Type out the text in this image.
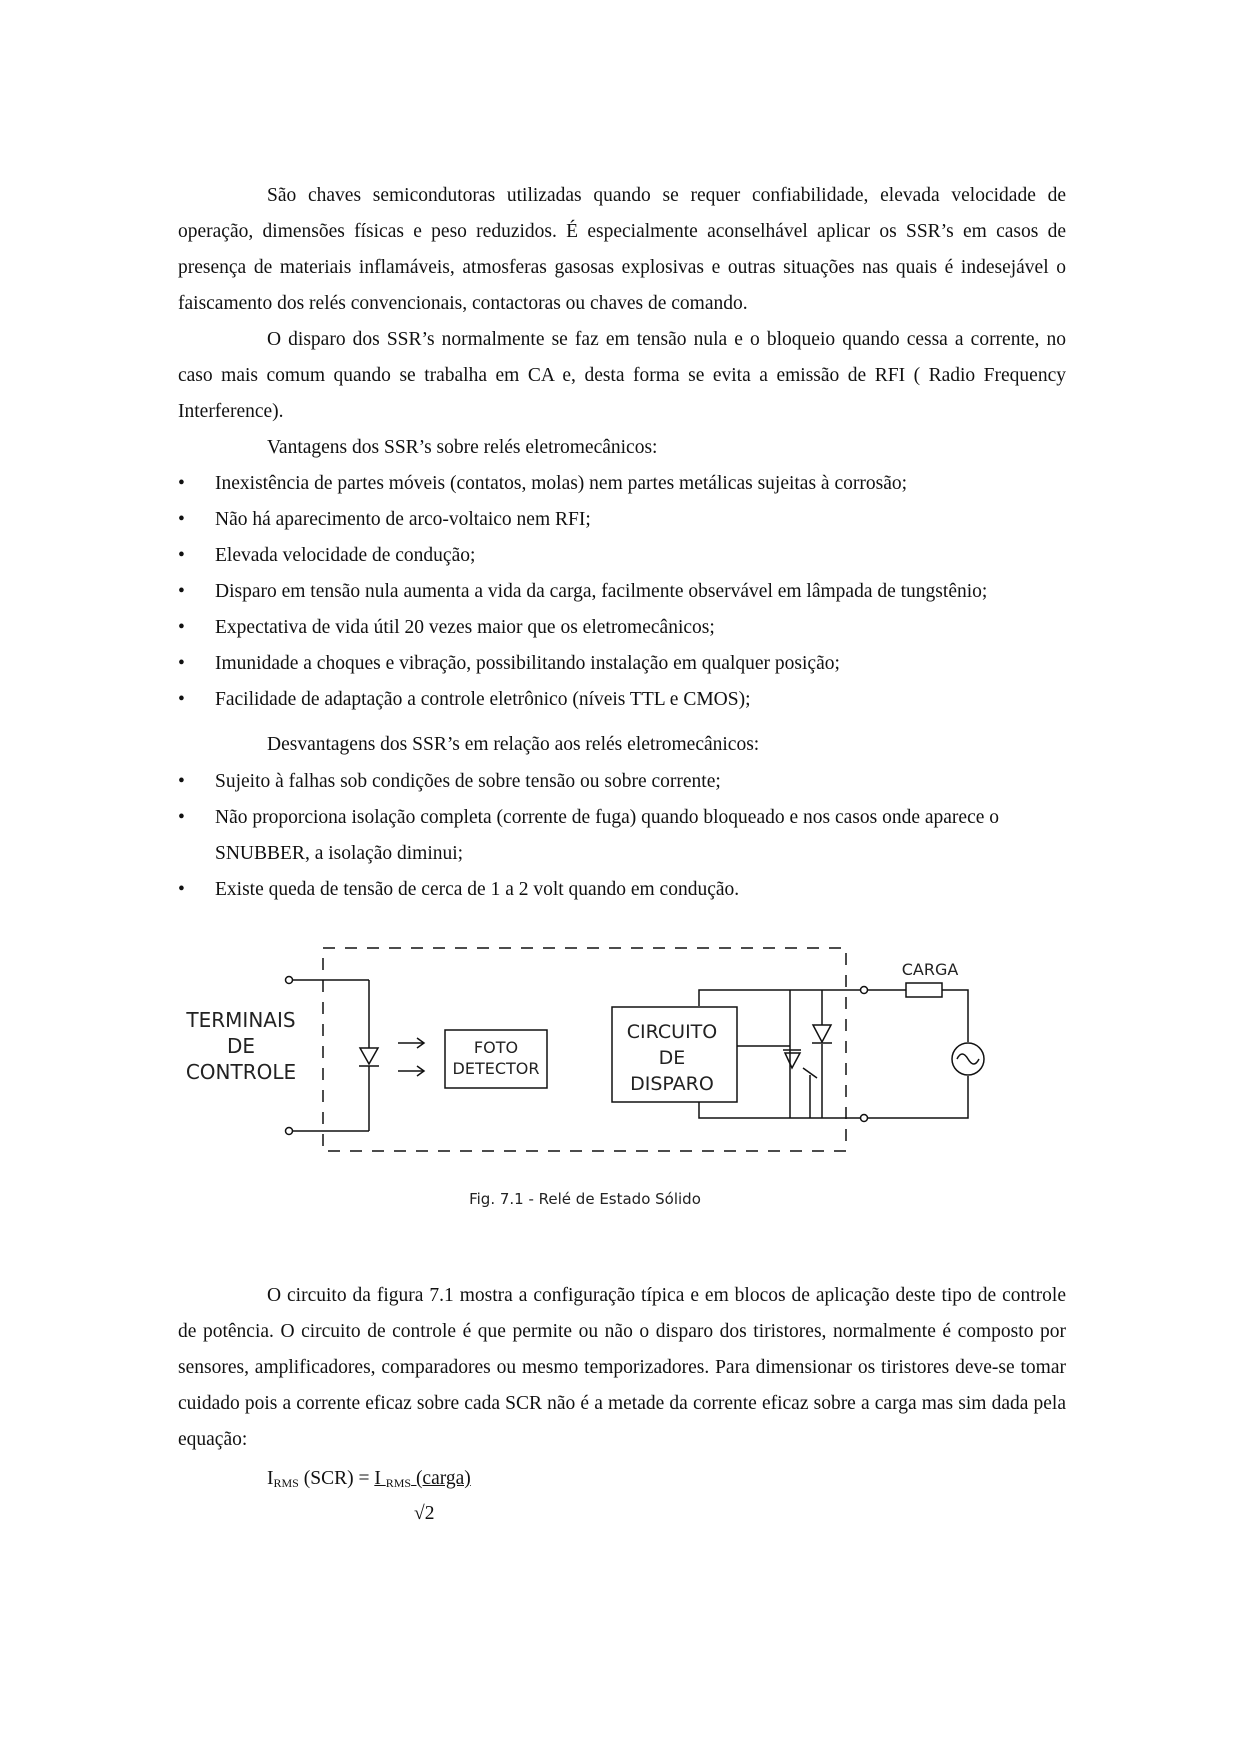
São chaves semicondutoras utilizadas quando se requer confiabilidade, elevada velocidade de operação, dimensões físicas e peso reduzidos. É especialmente aconselhável aplicar os SSR’s em casos de presença de materiais inflamáveis, atmosferas gasosas explosivas e outras situações nas quais é indesejável o faiscamento dos relés convencionais, contactoras ou chaves de comando.

O disparo dos SSR’s normalmente se faz em tensão nula e o bloqueio quando cessa a corrente, no caso mais comum quando se trabalha em CA e, desta forma se evita a emissão de RFI ( Radio Frequency Interference).

Vantagens dos SSR’s sobre relés eletromecânicos:

• Inexistência de partes móveis (contatos, molas) nem partes metálicas sujeitas à corrosão;
• Não há aparecimento de arco-voltaico nem RFI;
• Elevada velocidade de condução;
• Disparo em tensão nula aumenta a vida da carga, facilmente observável em lâmpada de tungstênio;
• Expectativa de vida útil 20 vezes maior que os eletromecânicos;
• Imunidade a choques e vibração, possibilitando instalação em qualquer posição;
• Facilidade de adaptação a controle eletrônico (níveis TTL e CMOS);

Desvantagens dos SSR’s em relação aos relés eletromecânicos:

• Sujeito à falhas sob condições de sobre tensão ou sobre corrente;
• Não proporciona isolação completa (corrente de fuga) quando bloqueado e nos casos onde aparece o SNUBBER, a isolação diminui;
• Existe queda de tensão de cerca de 1 a 2 volt quando em condução.
TERMINAIS
DE
CONTROLE
FOTO
DETECTOR
CIRCUITO
DE
DISPARO
CARGA
Fig. 7.1 - Relé de Estado Sólido

O circuito da figura 7.1 mostra a configuração típica e em blocos de aplicação deste tipo de controle de potência. O circuito de controle é que permite ou não o disparo dos tiristores, normalmente é composto por sensores, amplificadores, comparadores ou mesmo temporizadores. Para dimensionar os tiristores deve-se tomar cuidado pois a corrente eficaz sobre cada SCR não é a metade da corrente eficaz sobre a carga mas sim dada pela equação:

$I_{RMS}$ (SCR) = I $_{RMS}$ (carga)
√2
